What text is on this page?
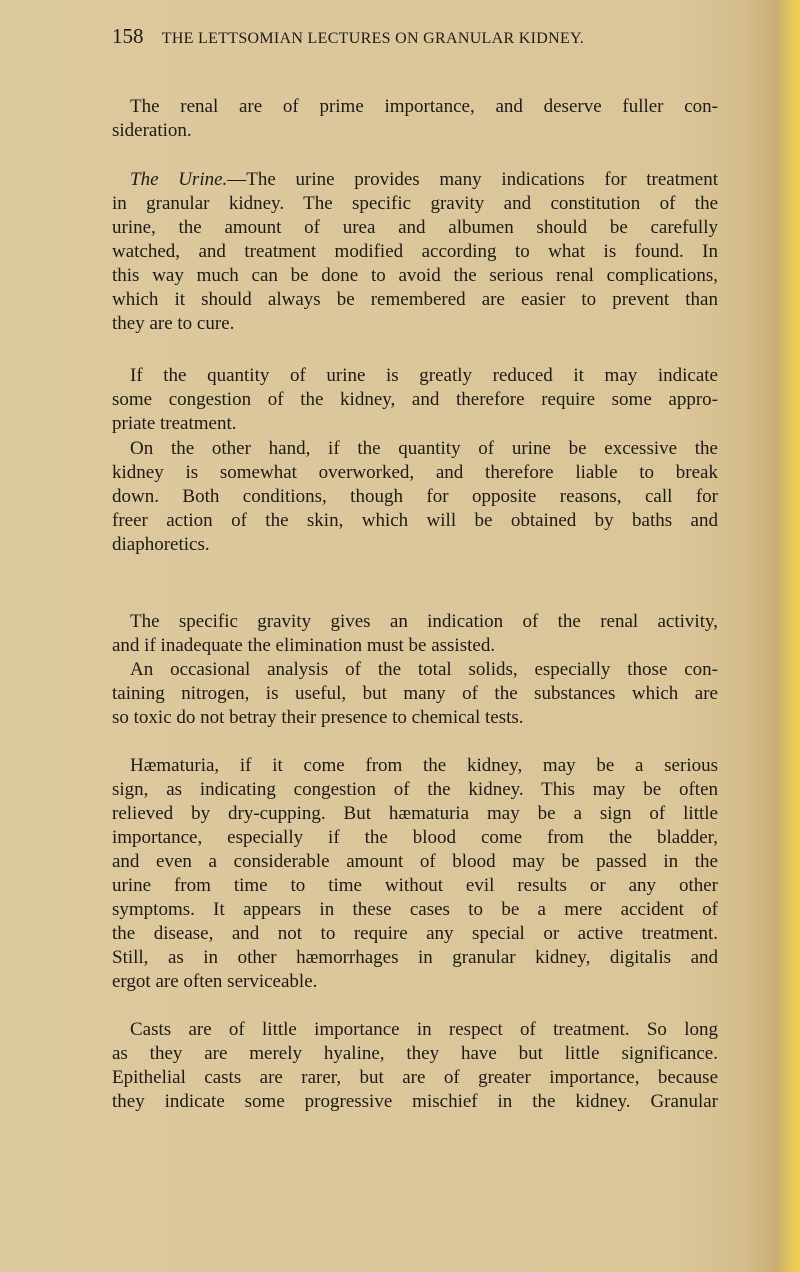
158 THE LETTSOMIAN LECTURES ON GRANULAR KIDNEY.
The renal are of prime importance, and deserve fuller con-
sideration.
The Urine.—The urine provides many indications for treatment
in granular kidney. The specific gravity and constitution of the
urine, the amount of urea and albumen should be carefully
watched, and treatment modified according to what is found. In
this way much can be done to avoid the serious renal complications,
which it should always be remembered are easier to prevent than
they are to cure.
If the quantity of urine is greatly reduced it may indicate
some congestion of the kidney, and therefore require some appro-
priate treatment.
On the other hand, if the quantity of urine be excessive the
kidney is somewhat overworked, and therefore liable to break
down. Both conditions, though for opposite reasons, call for
freer action of the skin, which will be obtained by baths and
diaphoretics.
The specific gravity gives an indication of the renal activity,
and if inadequate the elimination must be assisted.
An occasional analysis of the total solids, especially those con-
taining nitrogen, is useful, but many of the substances which are
so toxic do not betray their presence to chemical tests.
Hæmaturia, if it come from the kidney, may be a serious
sign, as indicating congestion of the kidney. This may be often
relieved by dry-cupping. But hæmaturia may be a sign of little
importance, especially if the blood come from the bladder,
and even a considerable amount of blood may be passed in the
urine from time to time without evil results or any other
symptoms. It appears in these cases to be a mere accident of
the disease, and not to require any special or active treatment.
Still, as in other hæmorrhages in granular kidney, digitalis and
ergot are often serviceable.
Casts are of little importance in respect of treatment. So long
as they are merely hyaline, they have but little significance.
Epithelial casts are rarer, but are of greater importance, because
they indicate some progressive mischief in the kidney. Granular
